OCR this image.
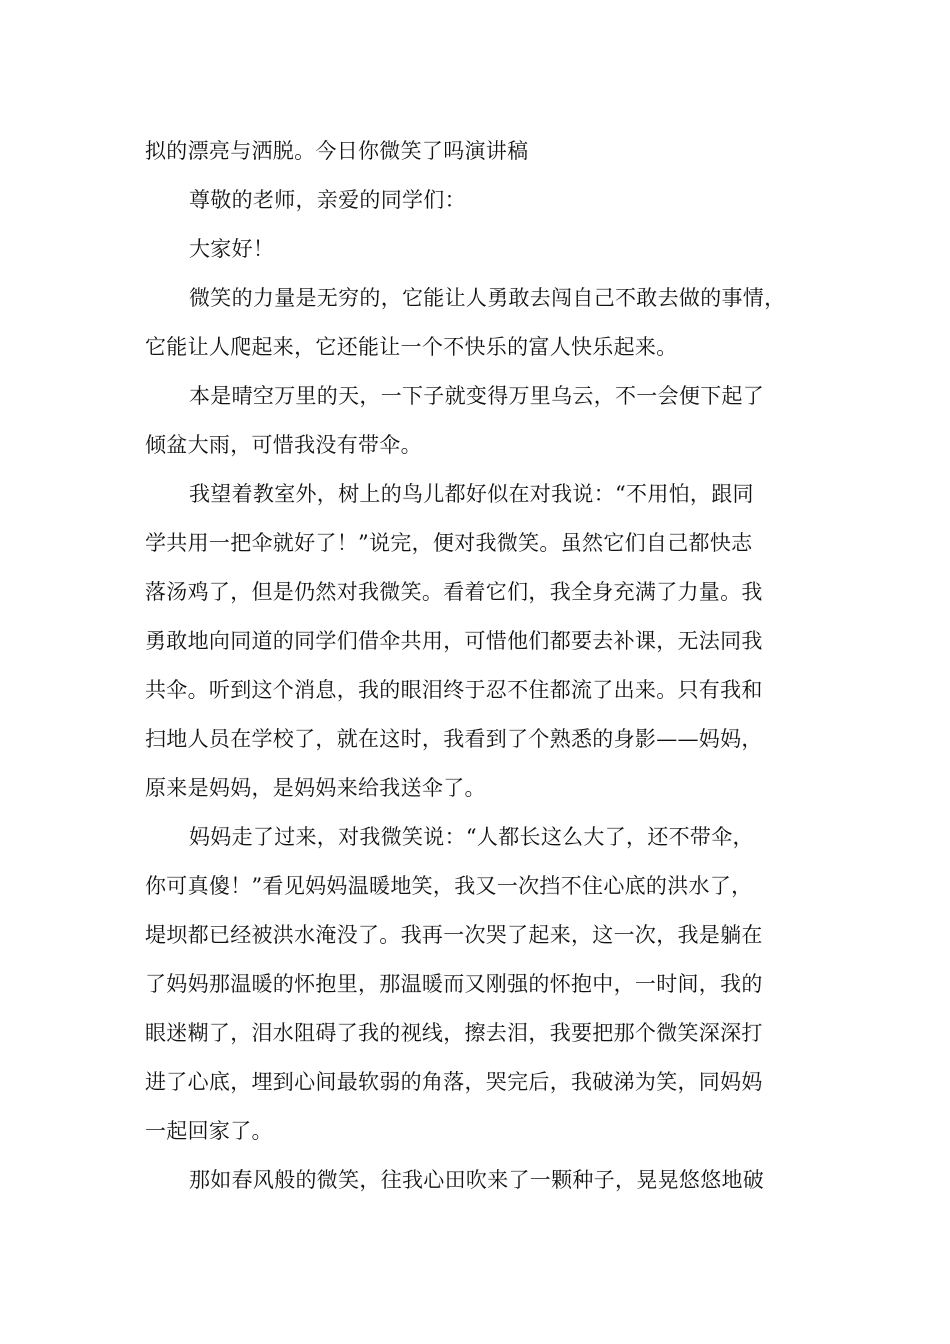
拟的漂亮与洒脱。今日你微笑了吗演讲稿
尊敬的老师，亲爱的同学们：
大家好！
微笑的力量是无穷的，它能让人勇敢去闯自己不敢去做的事情，
它能让人爬起来，它还能让一个不快乐的富人快乐起来。
本是晴空万里的天，一下子就变得万里乌云，不一会便下起了
倾盆大雨，可惜我没有带伞。
我望着教室外，树上的鸟儿都好似在对我说：“不用怕，跟同
学共用一把伞就好了！”说完，便对我微笑。虽然它们自己都快志
落汤鸡了，但是仍然对我微笑。看着它们，我全身充满了力量。我
勇敢地向同道的同学们借伞共用，可惜他们都要去补课，无法同我
共伞。听到这个消息，我的眼泪终于忍不住都流了出来。只有我和
扫地人员在学校了，就在这时，我看到了个熟悉的身影——妈妈，
原来是妈妈，是妈妈来给我送伞了。
妈妈走了过来，对我微笑说：“人都长这么大了，还不带伞，
你可真傻！”看见妈妈温暖地笑，我又一次挡不住心底的洪水了，
堤坝都已经被洪水淹没了。我再一次哭了起来，这一次，我是躺在
了妈妈那温暖的怀抱里，那温暖而又刚强的怀抱中，一时间，我的
眼迷糊了，泪水阻碍了我的视线，擦去泪，我要把那个微笑深深打
进了心底，埋到心间最软弱的角落，哭完后，我破涕为笑，同妈妈
一起回家了。
那如春风般的微笑，往我心田吹来了一颗种子，晃晃悠悠地破
